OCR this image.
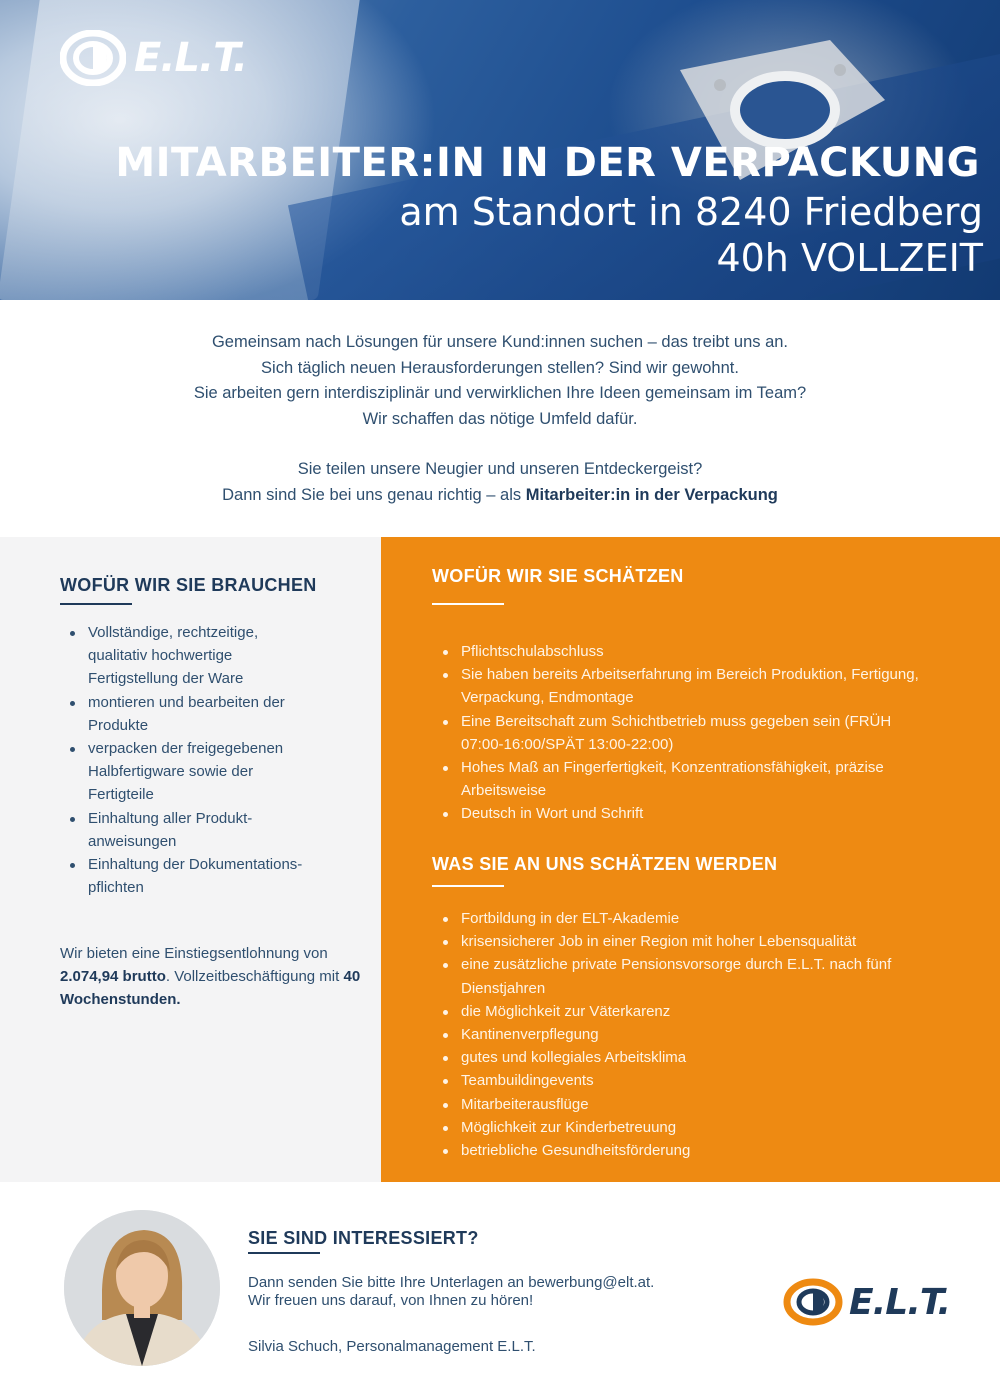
E.L.T.
MITARBEITER:IN IN DER VERPACKUNG
am Standort in 8240 Friedberg
40h VOLLZEIT
Gemeinsam nach Lösungen für unsere Kund:innen suchen – das treibt uns an.
Sich täglich neuen Herausforderungen stellen? Sind wir gewohnt.
Sie arbeiten gern interdisziplinär und verwirklichen Ihre Ideen gemeinsam im Team?
Wir schaffen das nötige Umfeld dafür.
Sie teilen unsere Neugier und unseren Entdeckergeist?
Dann sind Sie bei uns genau richtig – als Mitarbeiter:in in der Verpackung
WOFÜR WIR SIE BRAUCHEN
Vollständige, rechtzeitige, qualitativ hochwertige Fertigstellung der Ware
montieren und bearbeiten der Produkte
verpacken der freigegebenen Halbfertigware sowie der Fertigteile
Einhaltung aller Produkt-anweisungen
Einhaltung der Dokumentations-pflichten
Wir bieten eine Einstiegsentlohnung von 2.074,94 brutto. Vollzeitbeschäftigung mit 40 Wochenstunden.
WOFÜR WIR SIE SCHÄTZEN
Pflichtschulabschluss
Sie haben bereits Arbeitserfahrung im Bereich Produktion, Fertigung, Verpackung, Endmontage
Eine Bereitschaft zum Schichtbetrieb muss gegeben sein (FRÜH 07:00-16:00/SPÄT 13:00-22:00)
Hohes Maß an Fingerfertigkeit, Konzentrationsfähigkeit, präzise Arbeitsweise
Deutsch in Wort und Schrift
WAS SIE AN UNS SCHÄTZEN WERDEN
Fortbildung in der ELT-Akademie
krisensicherer Job in einer Region mit hoher Lebensqualität
eine zusätzliche private Pensionsvorsorge durch E.L.T. nach fünf Dienstjahren
die Möglichkeit zur Väterkarenz
Kantinenverpflegung
gutes und kollegiales Arbeitsklima
Teambuildingevents
Mitarbeiterausflüge
Möglichkeit zur Kinderbetreuung
betriebliche Gesundheitsförderung
SIE SIND INTERESSIERT?
Dann senden Sie bitte Ihre Unterlagen an bewerbung@elt.at.
Wir freuen uns darauf, von Ihnen zu hören!
Silvia Schuch, Personalmanagement E.L.T.
E.L.T.
